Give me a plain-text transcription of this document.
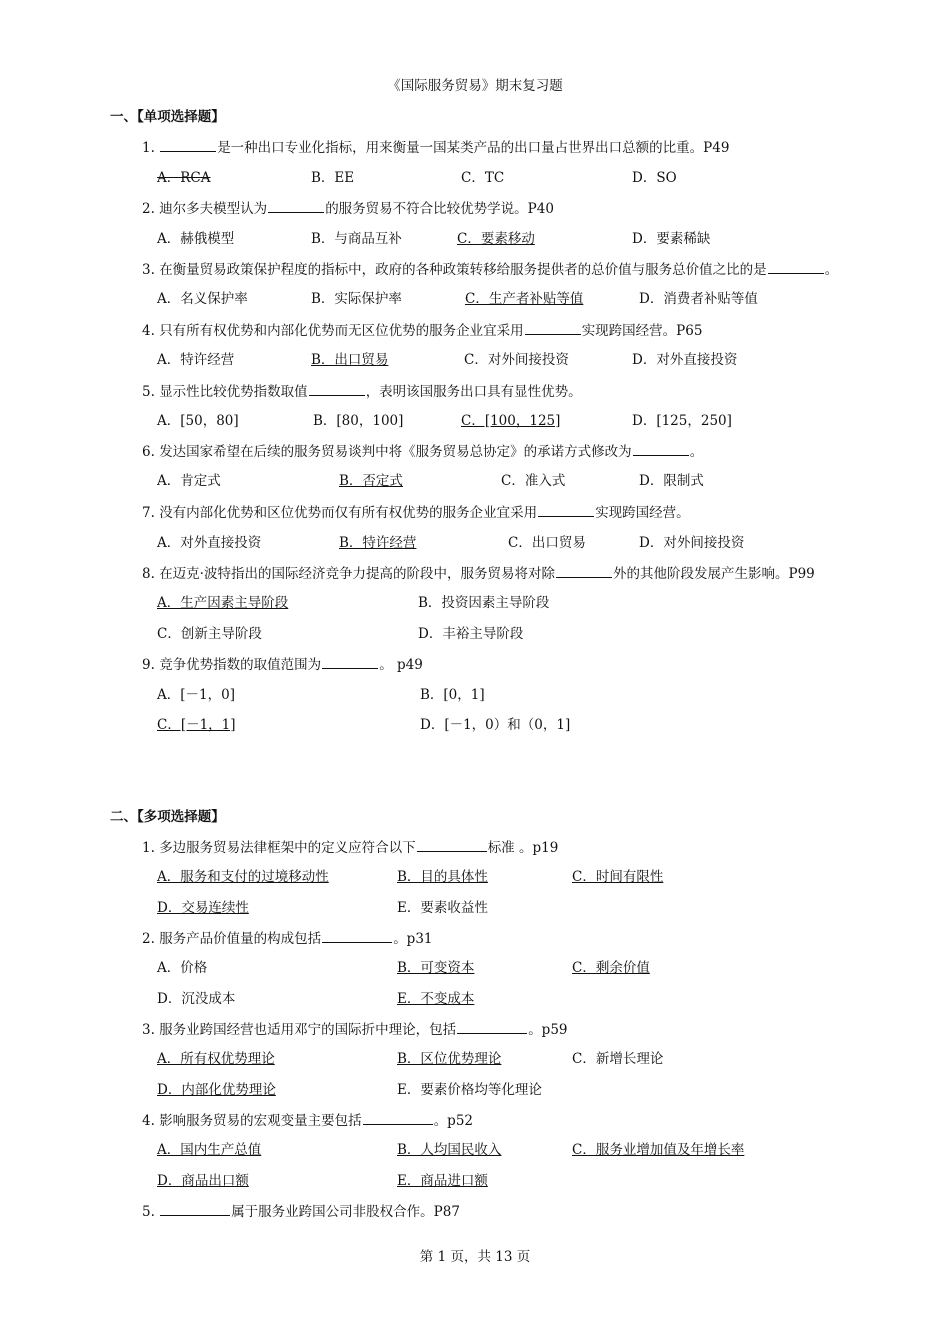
《国际服务贸易》期末复习题
一、【单项选择题】
1.	是一种出口专业化指标，用来衡量一国某类产品的出口量占世界出口总额的比重。P49
A．RCA	B．EE	C．TC	D．SO
2. 迪尔多夫模型认为	的服务贸易不符合比较优势学说。P40
A．赫俄模型	B．与商品互补	C．要素移动	D．要素稀缺
3. 在衡量贸易政策保护程度的指标中，政府的各种政策转移给服务提供者的总价值与服务总价值之比的是	。
A．名义保护率	B．实际保护率	C．生产者补贴等值	D．消费者补贴等值
4. 只有所有权优势和内部化优势而无区位优势的服务企业宜采用	实现跨国经营。P65
A．特许经营	B．出口贸易	C．对外间接投资	D．对外直接投资
5. 显示性比较优势指数取值	，表明该国服务出口具有显性优势。
A．[50，80]	B．[80，100]	C．[100，125]	D．[125，250]
6. 发达国家希望在后续的服务贸易谈判中将《服务贸易总协定》的承诺方式修改为	。
A．肯定式	B．否定式	C．准入式	D．限制式
7. 没有内部化优势和区位优势而仅有所有权优势的服务企业宜采用	实现跨国经营。
A．对外直接投资	B．特许经营	C．出口贸易	D．对外间接投资
8. 在迈克·波特指出的国际经济竞争力提高的阶段中，服务贸易将对除	外的其他阶段发展产生影响。P99
A．生产因素主导阶段	B．投资因素主导阶段
C．创新主导阶段	D．丰裕主导阶段
9. 竞争优势指数的取值范围为	。 p49
A．[－1，0]	B．[0，1]
C．[－1，1]	D．[－1，0）和（0，1]
二、【多项选择题】
1. 多边服务贸易法律框架中的定义应符合以下	标准 。p19
A．服务和支付的过境移动性	B．目的具体性	C．时间有限性
D．交易连续性	E．要素收益性
2. 服务产品价值量的构成包括	。p31
A．价格	B．可变资本	C．剩余价值
D．沉没成本	E．不变成本
3. 服务业跨国经营也适用邓宁的国际折中理论，包括	。p59
A．所有权优势理论	B．区位优势理论	C．新增长理论
D．内部化优势理论	E．要素价格均等化理论
4. 影响服务贸易的宏观变量主要包括	。p52
A．国内生产总值	B．人均国民收入	C．服务业增加值及年增长率
D．商品出口额	E．商品进口额
5.	属于服务业跨国公司非股权合作。P87
第 1 页，共 13 页
